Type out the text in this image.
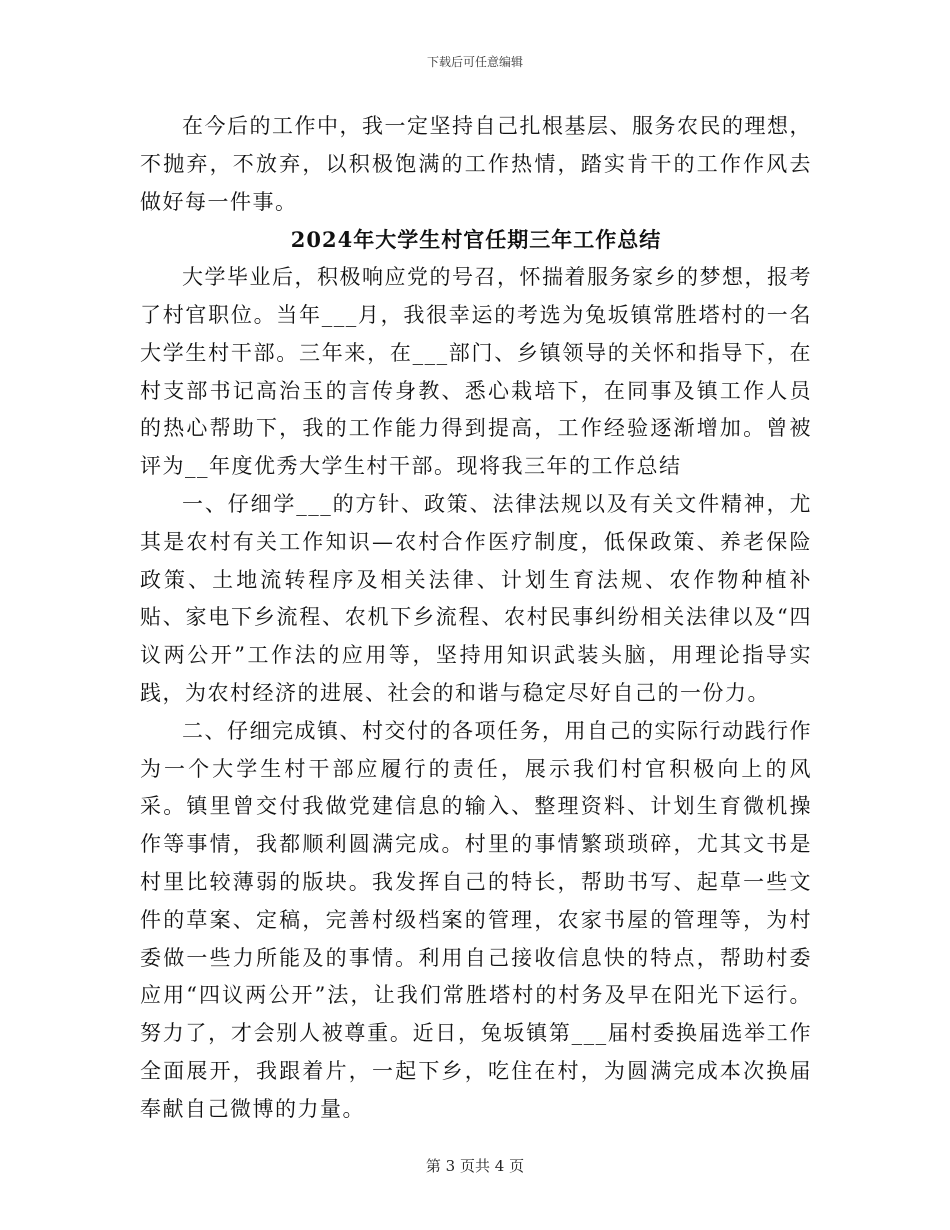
下载后可任意编辑

在今后的工作中，我一定坚持自己扎根基层、服务农民的理想，不抛弃，不放弃，以积极饱满的工作热情，踏实肯干的工作作风去做好每一件事。

2024年大学生村官任期三年工作总结

大学毕业后，积极响应党的号召，怀揣着服务家乡的梦想，报考了村官职位。当年___月，我很幸运的考选为兔坂镇常胜塔村的一名大学生村干部。三年来，在___部门、乡镇领导的关怀和指导下，在村支部书记高治玉的言传身教、悉心栽培下，在同事及镇工作人员的热心帮助下，我的工作能力得到提高，工作经验逐渐增加。曾被评为__年度优秀大学生村干部。现将我三年的工作总结

一、仔细学___的方针、政策、法律法规以及有关文件精神，尤其是农村有关工作知识—农村合作医疗制度，低保政策、养老保险政策、土地流转程序及相关法律、计划生育法规、农作物种植补贴、家电下乡流程、农机下乡流程、农村民事纠纷相关法律以及“四议两公开”工作法的应用等，坚持用知识武装头脑，用理论指导实践，为农村经济的进展、社会的和谐与稳定尽好自己的一份力。

二、仔细完成镇、村交付的各项任务，用自己的实际行动践行作为一个大学生村干部应履行的责任，展示我们村官积极向上的风采。镇里曾交付我做党建信息的输入、整理资料、计划生育微机操作等事情，我都顺利圆满完成。村里的事情繁琐琐碎，尤其文书是村里比较薄弱的版块。我发挥自己的特长，帮助书写、起草一些文件的草案、定稿，完善村级档案的管理，农家书屋的管理等，为村委做一些力所能及的事情。利用自己接收信息快的特点，帮助村委应用“四议两公开”法，让我们常胜塔村的村务及早在阳光下运行。努力了，才会别人被尊重。近日，兔坂镇第___届村委换届选举工作全面展开，我跟着片，一起下乡，吃住在村，为圆满完成本次换届奉献自己微博的力量。

第 3 页共 4 页
